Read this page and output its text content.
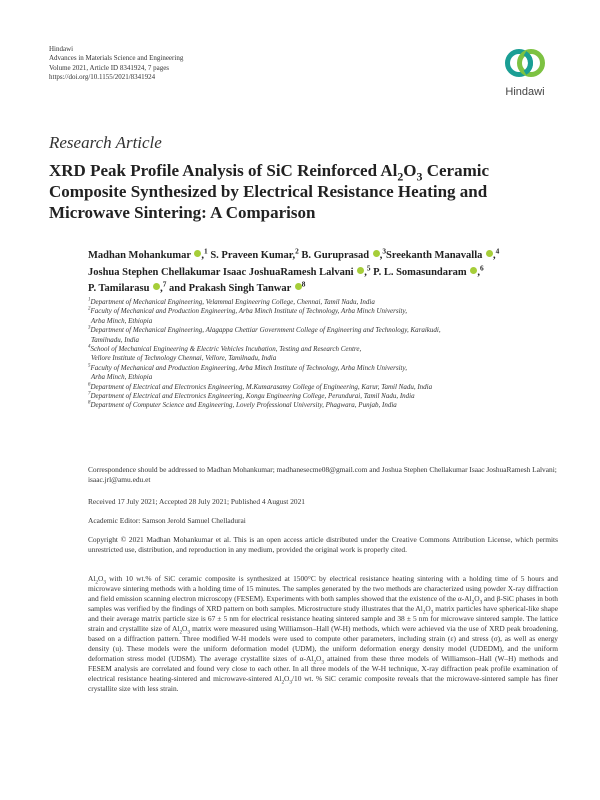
Hindawi
Advances in Materials Science and Engineering
Volume 2021, Article ID 8341924, 7 pages
https://doi.org/10.1155/2021/8341924
Hindawi
Research Article
XRD Peak Profile Analysis of SiC Reinforced $Al_2O_3$ Ceramic Composite Synthesized by Electrical Resistance Heating and Microwave Sintering: A Comparison
Madhan Mohankumar ,$^1$ S. Praveen Kumar,$^2$ B. Guruprasad ,$^3$Sreekanth Manavalla ,$^4$
Joshua Stephen Chellakumar Isaac JoshuaRamesh Lalvani ,$^5$ P. L. Somasundaram ,$^6$
P. Tamilarasu ,$^7$ and Prakash Singh Tanwar $^8$
$^1$Department of Mechanical Engineering, Velammal Engineering College, Chennai, Tamil Nadu, India
$^2$Faculty of Mechanical and Production Engineering, Arba Minch Institute of Technology, Arba Minch University,
Arba Minch, Ethiopia
$^3$Department of Mechanical Engineering, Alagappa Chettiar Government College of Engineering and Technology, Karaikudi,
Tamilnadu, India
$^4$School of Mechanical Engineering & Electric Vehicles Incubation, Testing and Research Centre,
Vellore Institute of Technology Chennai, Vellore, Tamilnadu, India
$^5$Faculty of Mechanical and Production Engineering, Arba Minch Institute of Technology, Arba Minch University,
Arba Minch, Ethiopia
$^6$Department of Electrical and Electronics Engineering, M.Kumarasamy College of Engineering, Karur, Tamil Nadu, India
$^7$Department of Electrical and Electronics Engineering, Kongu Engineering College, Perundurai, Tamil Nadu, India
$^8$Department of Computer Science and Engineering, Lovely Professional University, Phagwara, Punjab, India
Correspondence should be addressed to Madhan Mohankumar; madhanesecme08@gmail.com and Joshua Stephen Chellakumar Isaac JoshuaRamesh Lalvani; isaac.jrl@amu.edu.et
Received 17 July 2021; Accepted 28 July 2021; Published 4 August 2021
Academic Editor: Samson Jerold Samuel Chelladurai
Copyright © 2021 Madhan Mohankumar et al. This is an open access article distributed under the Creative Commons Attribution License, which permits unrestricted use, distribution, and reproduction in any medium, provided the original work is properly cited.
$Al_2O_3$ with 10 wt.% of SiC ceramic composite is synthesized at 1500°C by electrical resistance heating sintering with a holding time of 5 hours and microwave sintering methods with a holding time of 15 minutes. The samples generated by the two methods are characterized using powder X-ray diffraction and field emission scanning electron microscopy (FESEM). Experiments with both samples showed that the existence of the $\alpha-Al_2O_3$ and β-SiC phases in both samples was verified by the findings of XRD pattern on both samples. Microstructure study illustrates that the $Al_2O_3$ matrix particles have spherical-like shape and their average matrix particle size is 67 ± 5 nm for electrical resistance heating sintered sample and 38 ± 5 nm for microwave sintered sample. The lattice strain and crystallite size of $Al_2O_3$ matrix were measured using Williamson–Hall (W-H) methods, which were achieved via the use of XRD peak broadening, based on a diffraction pattern. Three modified W-H models were used to compute other parameters, including strain (ε) and stress (σ), as well as energy density (u). These models were the uniform deformation model (UDM), the uniform deformation energy density model (UDEDM), and the uniform deformation stress model (UDSM). The average crystallite sizes of $\alpha-Al_2O_3$ attained from these three models of Williamson–Hall (W–H) methods and FESEM analysis are correlated and found very close to each other. In all three models of the W-H technique, X-ray diffraction peak profile examination of electrical resistance heating-sintered and microwave-sintered $Al_2O_3/10$ wt. % SiC ceramic composite reveals that the microwave-sintered sample has finer crystallite size with less strain.
